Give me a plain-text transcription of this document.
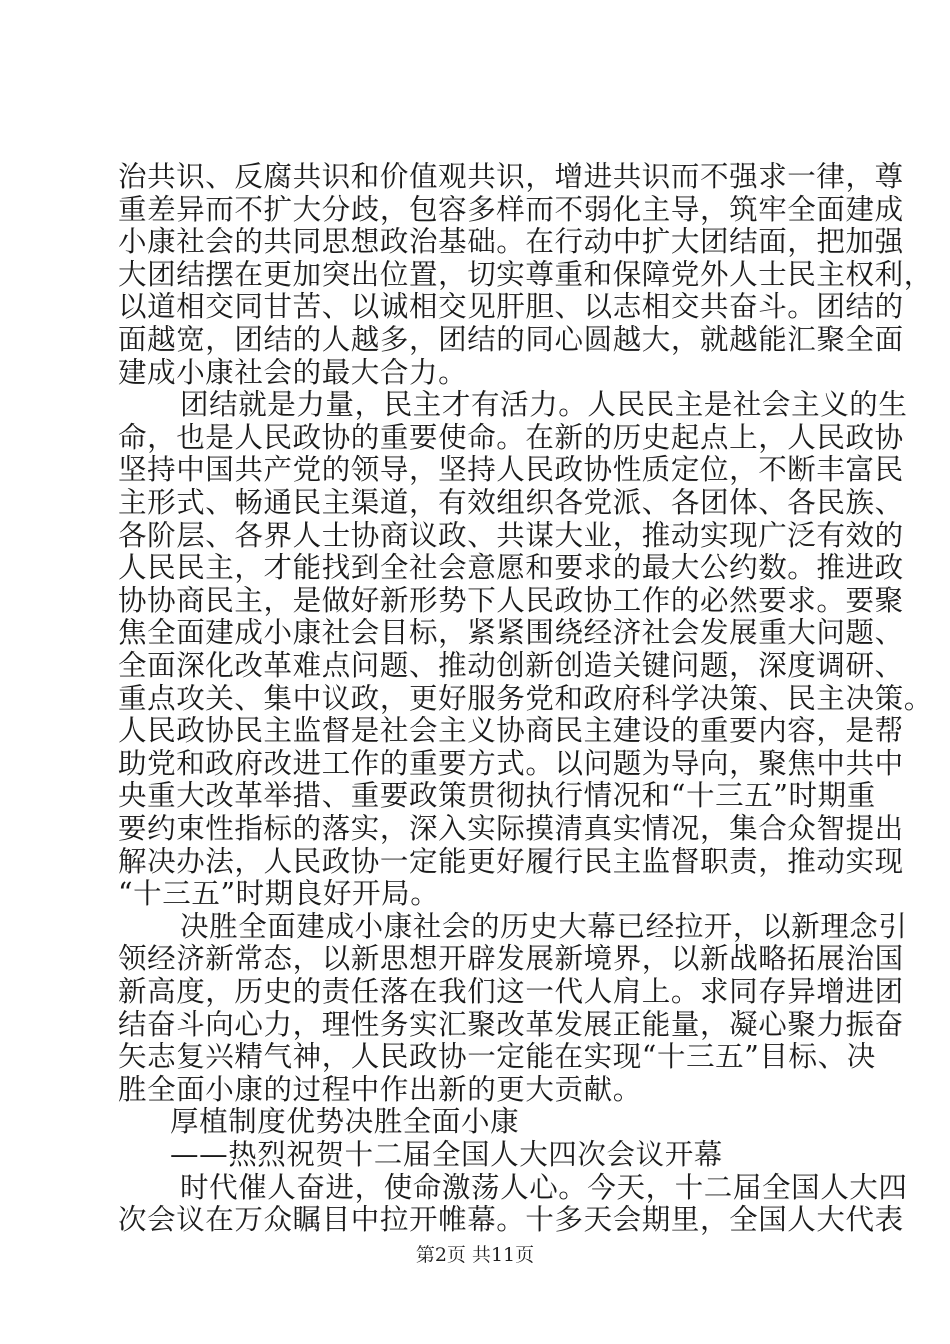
治共识、反腐共识和价值观共识，增进共识而不强求一律，尊
重差异而不扩大分歧，包容多样而不弱化主导，筑牢全面建成
小康社会的共同思想政治基础。在行动中扩大团结面，把加强
大团结摆在更加突出位置，切实尊重和保障党外人士民主权利，
以道相交同甘苦、以诚相交见肝胆、以志相交共奋斗。团结的
面越宽，团结的人越多，团结的同心圆越大，就越能汇聚全面
建成小康社会的最大合力。
团结就是力量，民主才有活力。人民民主是社会主义的生
命，也是人民政协的重要使命。在新的历史起点上，人民政协
坚持中国共产党的领导，坚持人民政协性质定位，不断丰富民
主形式、畅通民主渠道，有效组织各党派、各团体、各民族、
各阶层、各界人士协商议政、共谋大业，推动实现广泛有效的
人民民主，才能找到全社会意愿和要求的最大公约数。推进政
协协商民主，是做好新形势下人民政协工作的必然要求。要聚
焦全面建成小康社会目标，紧紧围绕经济社会发展重大问题、
全面深化改革难点问题、推动创新创造关键问题，深度调研、
重点攻关、集中议政，更好服务党和政府科学决策、民主决策。
人民政协民主监督是社会主义协商民主建设的重要内容，是帮
助党和政府改进工作的重要方式。以问题为导向，聚焦中共中
央重大改革举措、重要政策贯彻执行情况和“十三五”时期重
要约束性指标的落实，深入实际摸清真实情况，集合众智提出
解决办法，人民政协一定能更好履行民主监督职责，推动实现
“十三五”时期良好开局。
决胜全面建成小康社会的历史大幕已经拉开，以新理念引
领经济新常态，以新思想开辟发展新境界，以新战略拓展治国
新高度，历史的责任落在我们这一代人肩上。求同存异增进团
结奋斗向心力，理性务实汇聚改革发展正能量，凝心聚力振奋
矢志复兴精气神，人民政协一定能在实现“十三五”目标、决
胜全面小康的过程中作出新的更大贡献。
厚植制度优势决胜全面小康
——热烈祝贺十二届全国人大四次会议开幕
时代催人奋进，使命激荡人心。今天，十二届全国人大四
次会议在万众瞩目中拉开帷幕。十多天会期里，全国人大代表
第2页 共11页
